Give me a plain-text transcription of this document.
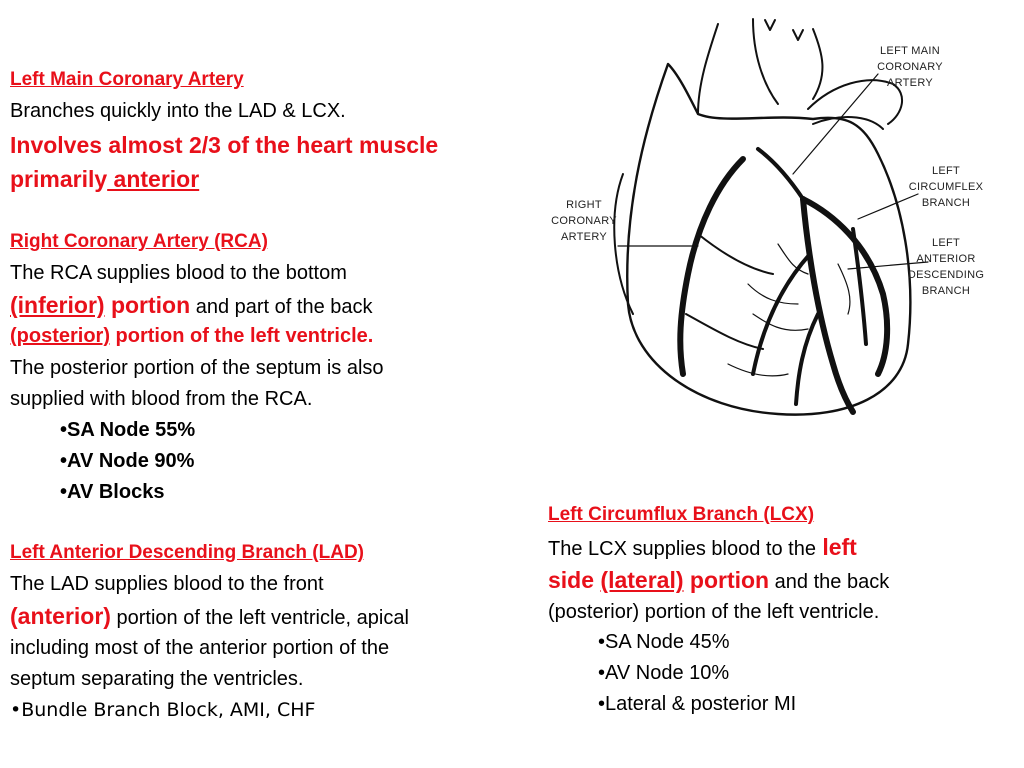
Left Main Coronary Artery
Branches quickly into the LAD & LCX.
Involves almost 2/3 of the heart muscle
primarily anterior
Right Coronary Artery (RCA)
The RCA supplies blood to the bottom
(inferior) portion and part of the back
(posterior) portion of the left ventricle.
The posterior portion of the septum is also
supplied with blood from the RCA.
•SA Node 55%
•AV Node 90%
•AV Blocks
Left Anterior Descending Branch (LAD)
The LAD supplies blood to the front
(anterior) portion of the left ventricle, apical
including most of the anterior portion of the
septum separating the ventricles.
•Bundle Branch Block, AMI, CHF
Left Circumflux Branch (LCX)
The LCX supplies blood to the left
side (lateral) portion and the back
(posterior) portion of the left ventricle.
•SA Node 45%
•AV Node 10%
•Lateral & posterior MI
LEFT MAIN
CORONARY
ARTERY
RIGHT
CORONARY
ARTERY
LEFT
CIRCUMFLEX
BRANCH
LEFT
ANTERIOR
DESCENDING
BRANCH
